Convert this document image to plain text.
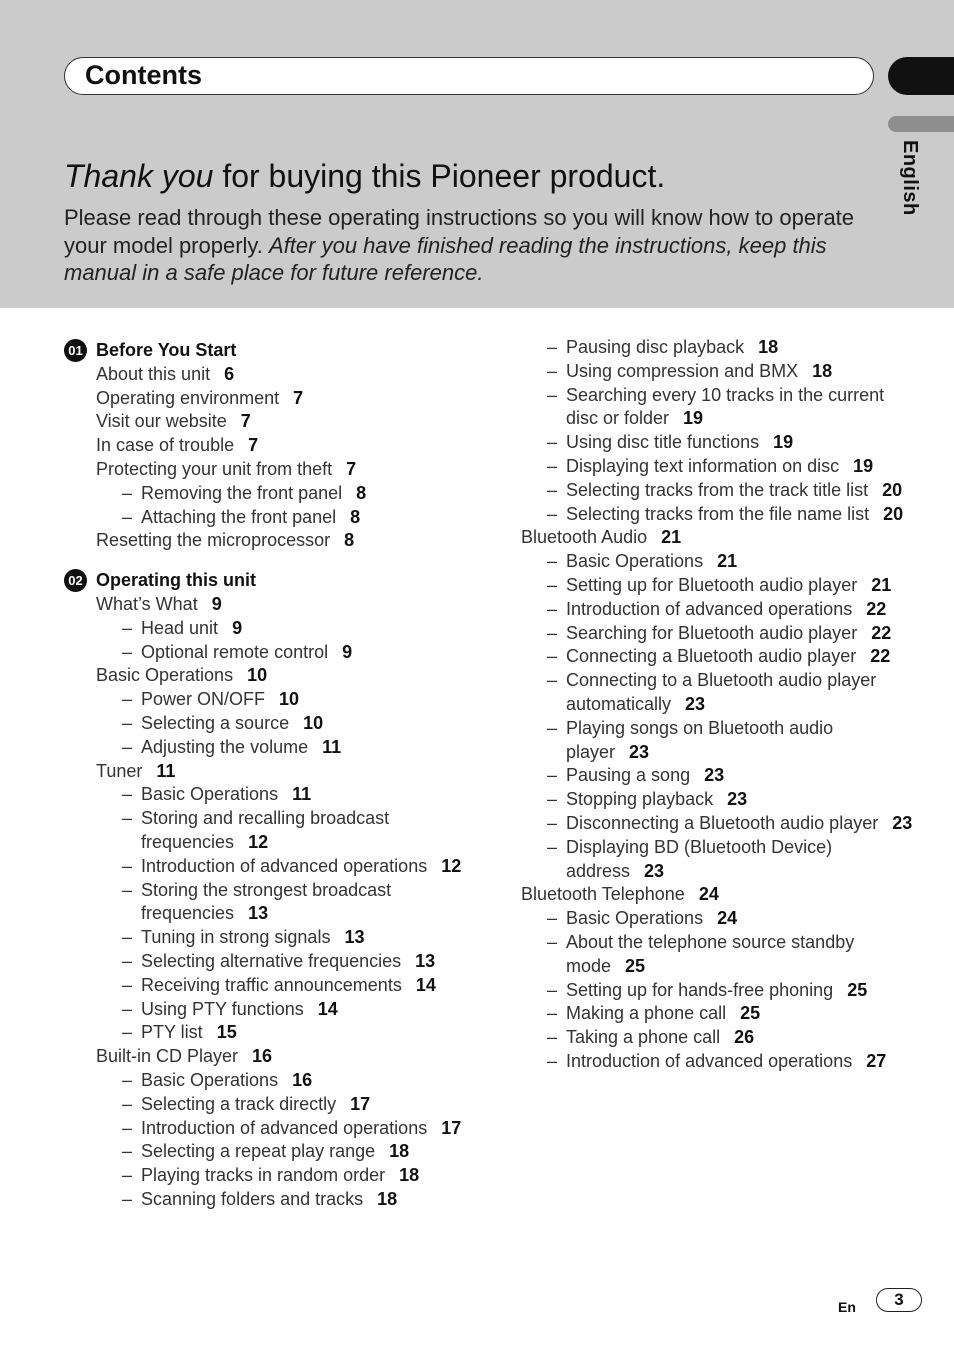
Contents
English
Thank you for buying this Pioneer product.
Please read through these operating instructions so you will know how to operate your model properly. After you have finished reading the instructions, keep this manual in a safe place for future reference.
01 Before You Start
About this unit 6
Operating environment 7
Visit our website 7
In case of trouble 7
Protecting your unit from theft 7
– Removing the front panel 8
– Attaching the front panel 8
Resetting the microprocessor 8
02 Operating this unit
What’s What 9
– Head unit 9
– Optional remote control 9
Basic Operations 10
– Power ON/OFF 10
– Selecting a source 10
– Adjusting the volume 11
Tuner 11
– Basic Operations 11
– Storing and recalling broadcast frequencies 12
– Introduction of advanced operations 12
– Storing the strongest broadcast frequencies 13
– Tuning in strong signals 13
– Selecting alternative frequencies 13
– Receiving traffic announcements 14
– Using PTY functions 14
– PTY list 15
Built-in CD Player 16
– Basic Operations 16
– Selecting a track directly 17
– Introduction of advanced operations 17
– Selecting a repeat play range 18
– Playing tracks in random order 18
– Scanning folders and tracks 18
– Pausing disc playback 18
– Using compression and BMX 18
– Searching every 10 tracks in the current disc or folder 19
– Using disc title functions 19
– Displaying text information on disc 19
– Selecting tracks from the track title list 20
– Selecting tracks from the file name list 20
Bluetooth Audio 21
– Basic Operations 21
– Setting up for Bluetooth audio player 21
– Introduction of advanced operations 22
– Searching for Bluetooth audio player 22
– Connecting a Bluetooth audio player 22
– Connecting to a Bluetooth audio player automatically 23
– Playing songs on Bluetooth audio player 23
– Pausing a song 23
– Stopping playback 23
– Disconnecting a Bluetooth audio player 23
– Displaying BD (Bluetooth Device) address 23
Bluetooth Telephone 24
– Basic Operations 24
– About the telephone source standby mode 25
– Setting up for hands-free phoning 25
– Making a phone call 25
– Taking a phone call 26
– Introduction of advanced operations 27
En	3
